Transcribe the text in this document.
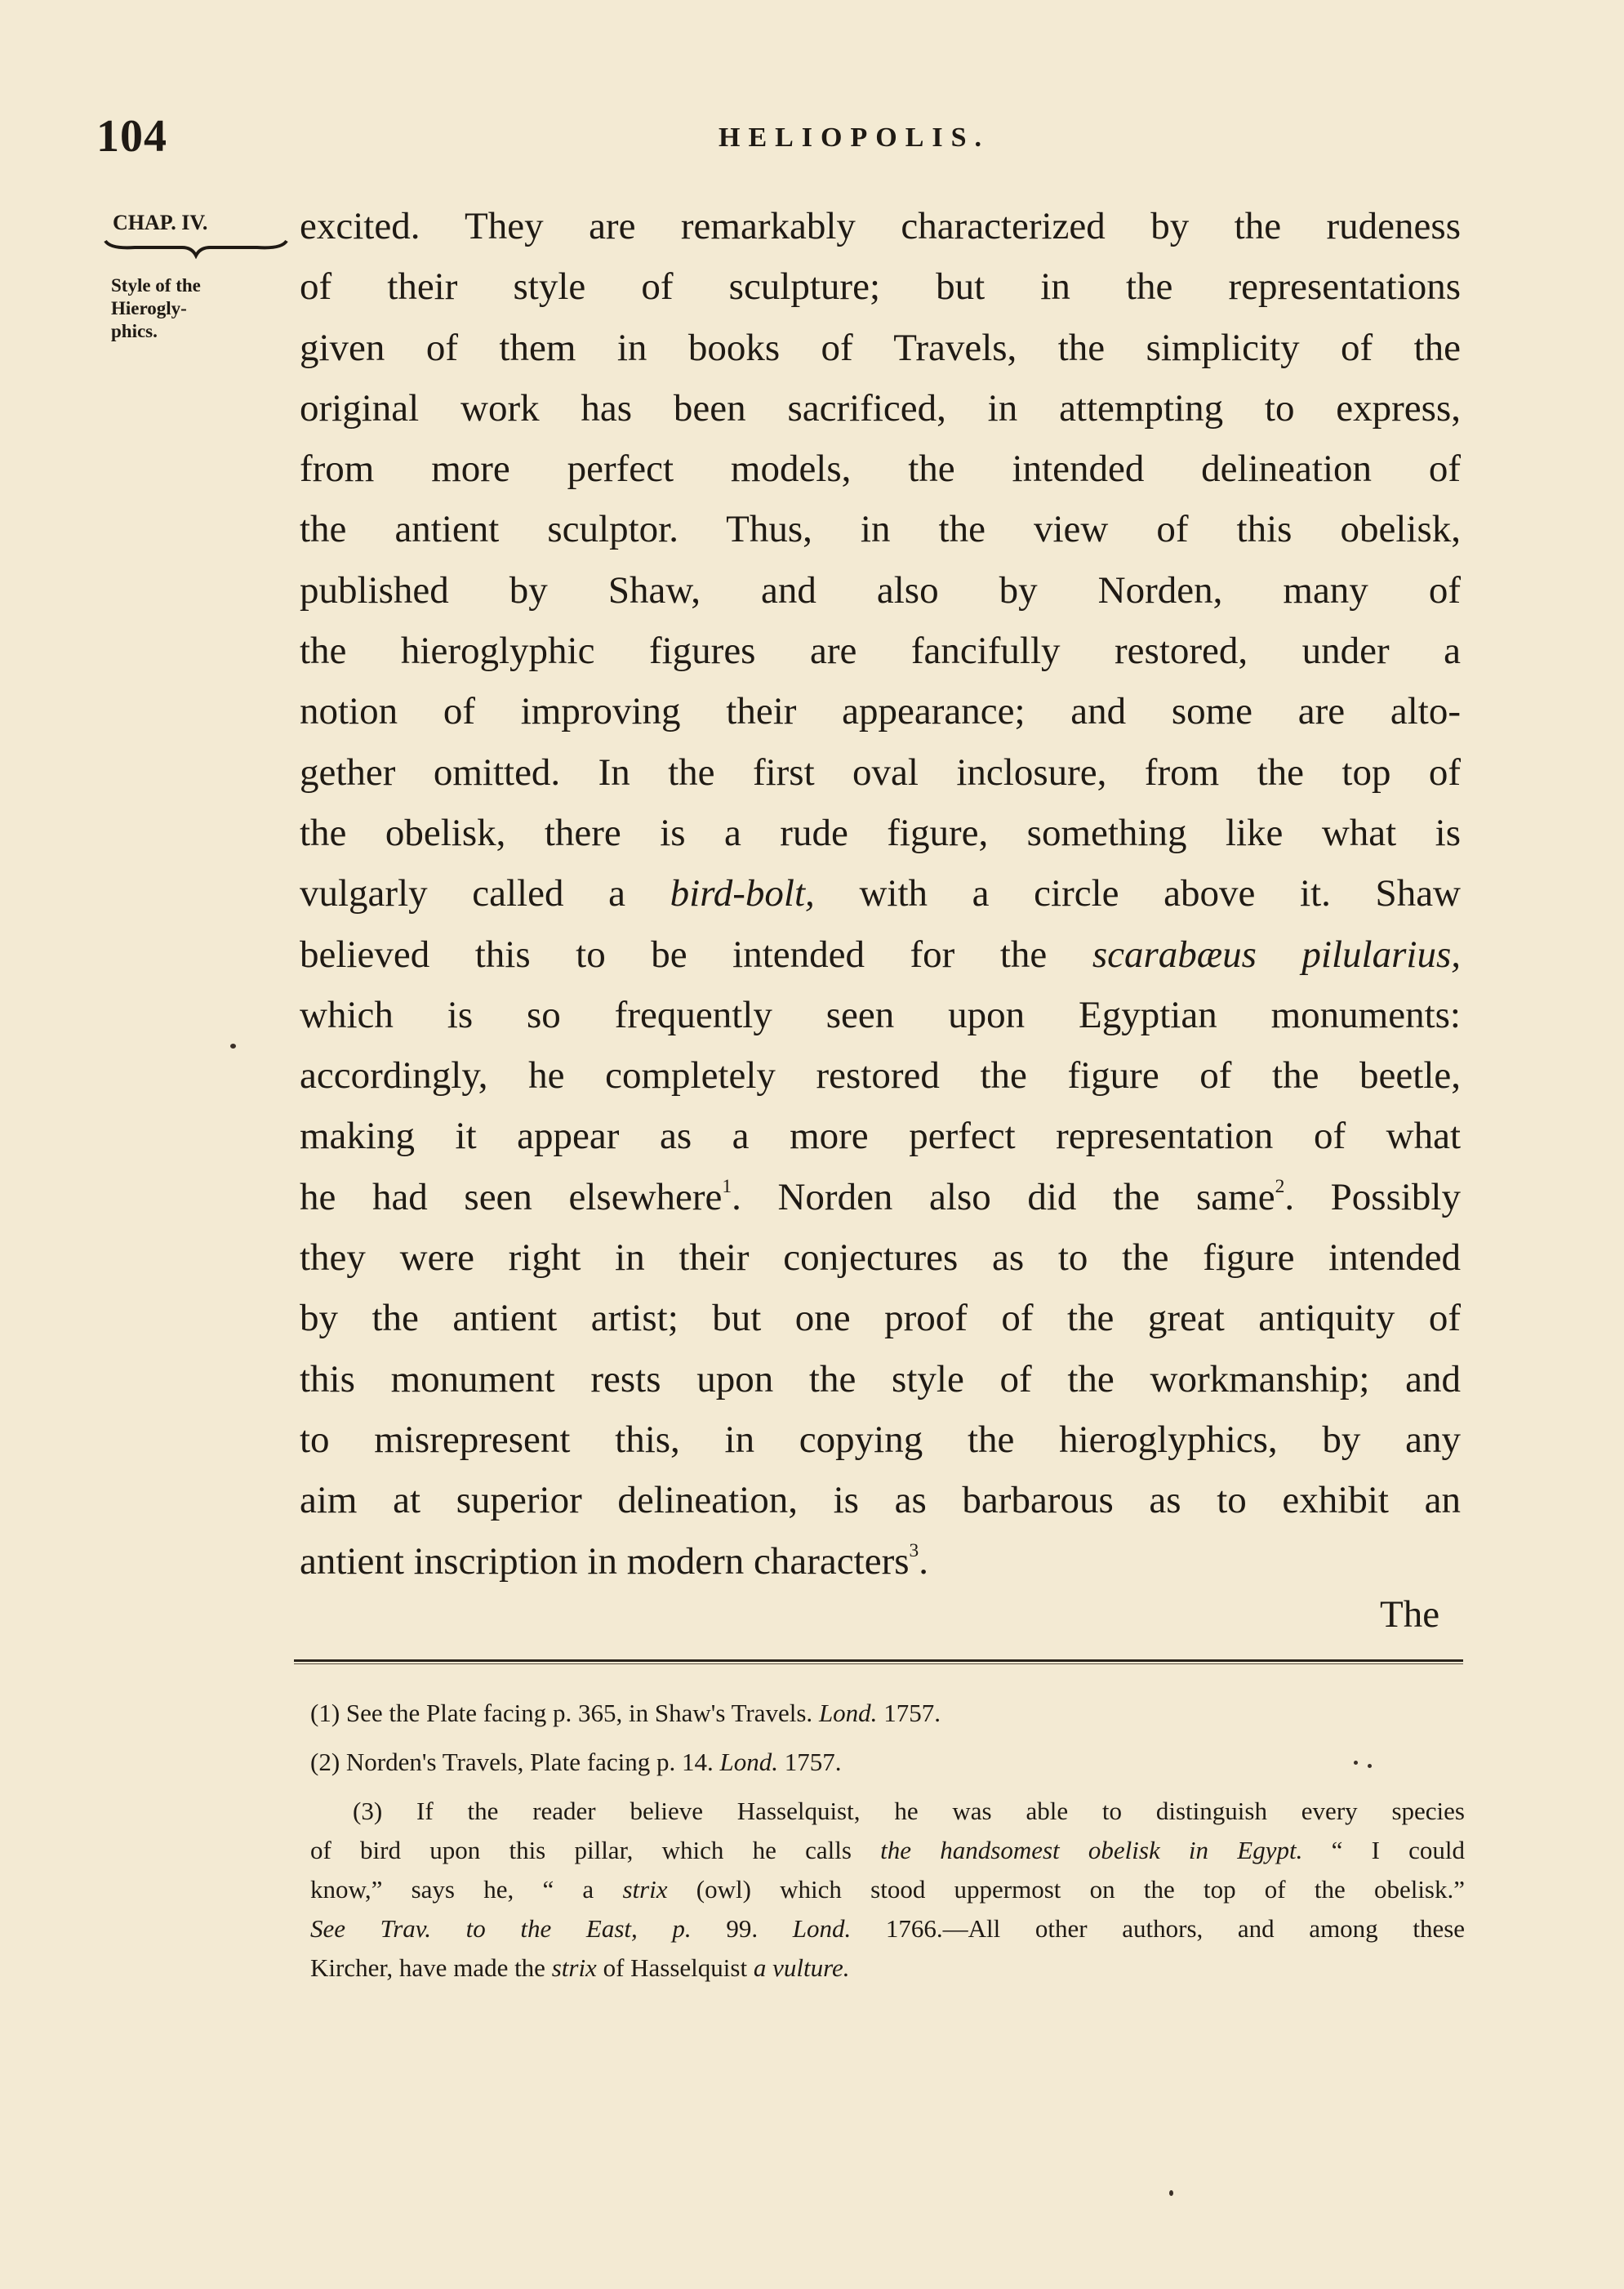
104	HELIOPOLIS.
CHAP. IV.
Style of the
Hierogly-
phics.
excited. They are remarkably characterized by the rudeness
of their style of sculpture; but in the representations
given of them in books of Travels, the simplicity of the
original work has been sacrificed, in attempting to express,
from more perfect models, the intended delineation of
the antient sculptor. Thus, in the view of this obelisk,
published by Shaw, and also by Norden, many of
the hieroglyphic figures are fancifully restored, under a
notion of improving their appearance; and some are alto-
gether omitted. In the first oval inclosure, from the top of
the obelisk, there is a rude figure, something like what is
vulgarly called a bird-bolt, with a circle above it. Shaw
believed this to be intended for the scarabæus pilularius,
which is so frequently seen upon Egyptian monuments:
accordingly, he completely restored the figure of the beetle,
making it appear as a more perfect representation of what
he had seen elsewhere$^1$. Norden also did the same$^2$. Possibly
they were right in their conjectures as to the figure intended
by the antient artist; but one proof of the great antiquity of
this monument rests upon the style of the workmanship; and
to misrepresent this, in copying the hieroglyphics, by any
aim at superior delineation, is as barbarous as to exhibit an
antient inscription in modern characters$^3$.
The
(1) See the Plate facing p. 365, in Shaw's Travels. Lond. 1757.
(2) Norden's Travels, Plate facing p. 14. Lond. 1757.
(3) If the reader believe Hasselquist, he was able to distinguish every species
of bird upon this pillar, which he calls the handsomest obelisk in Egypt. “ I could
know,” says he, “ a strix (owl) which stood uppermost on the top of the obelisk.”
See Trav. to the East, p. 99. Lond. 1766.—All other authors, and among these
Kircher, have made the strix of Hasselquist a vulture.
